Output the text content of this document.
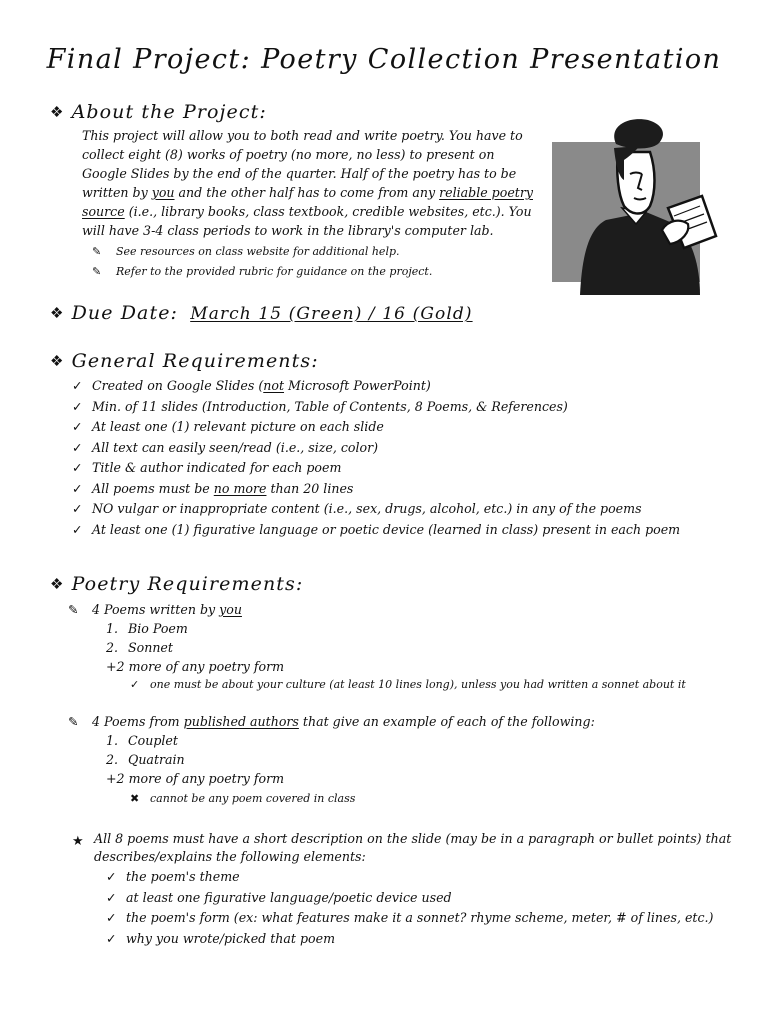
Final Project: Poetry Collection Presentation
❖ About the Project:
This project will allow you to both read and write poetry. You have to collect eight (8) works of poetry (no more, no less) to present on Google Slides by the end of the quarter. Half of the poetry has to be written by you and the other half has to come from any reliable poetry source (i.e., library books, class textbook, credible websites, etc.). You will have 3-4 class periods to work in the library's computer lab.
✎ See resources on class website for additional help.
✎ Refer to the provided rubric for guidance on the project.
❖ Due Date: March 15 (Green) / 16 (Gold)
❖ General Requirements:
✓ Created on Google Slides (not Microsoft PowerPoint)
✓ Min. of 11 slides (Introduction, Table of Contents, 8 Poems, & References)
✓ At least one (1) relevant picture on each slide
✓ All text can easily seen/read (i.e., size, color)
✓ Title & author indicated for each poem
✓ All poems must be no more than 20 lines
✓ NO vulgar or inappropriate content (i.e., sex, drugs, alcohol, etc.) in any of the poems
✓ At least one (1) figurative language or poetic device (learned in class) present in each poem
❖ Poetry Requirements:
✎ 4 Poems written by you
1. Bio Poem
2. Sonnet
+2 more of any poetry form
✓ one must be about your culture (at least 10 lines long), unless you had written a sonnet about it
✎ 4 Poems from published authors that give an example of each of the following:
1. Couplet
2. Quatrain
+2 more of any poetry form
✖ cannot be any poem covered in class
★ All 8 poems must have a short description on the slide (may be in a paragraph or bullet points) that describes/explains the following elements:
✓ the poem's theme
✓ at least one figurative language/poetic device used
✓ the poem's form (ex: what features make it a sonnet? rhyme scheme, meter, # of lines, etc.)
✓ why you wrote/picked that poem
